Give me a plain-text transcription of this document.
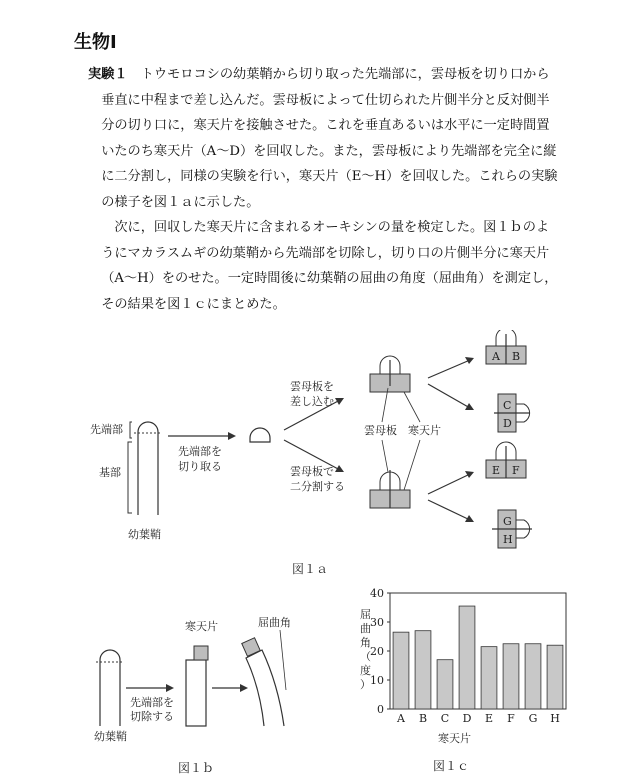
生物Ⅰ

実験１　トウモロコシの幼葉鞘から切り取った先端部に，雲母板を切り口から垂直に中程まで差し込んだ。雲母板によって仕切られた片側半分と反対側半分の切り口に，寒天片を接触させた。これを垂直あるいは水平に一定時間置いたのち寒天片（A〜D）を回収した。また，雲母板により先端部を完全に縦に二分割し，同様の実験を行い，寒天片（E〜H）を回収した。これらの実験の様子を図１ａに示した。

次に，回収した寒天片に含まれるオーキシンの量を検定した。図１ｂのようにマカラスムギの幼葉鞘から先端部を切除し，切り口の片側半分に寒天片（A〜H）をのせた。一定時間後に幼葉鞘の屈曲の角度（屈曲角）を測定し，その結果を図１ｃにまとめた。

先端部
基部
幼葉鞘
先端部を
切り取る
雲母板を
差し込む
雲母板で
二分割する
雲母板 寒天片
A B
C
D
E F
G
H
図１ａ
幼葉鞘
先端部を
切除する
寒天片	屈曲角
図１ｂ
0
10
20
30
40
A B C D E F G H
屈曲角（度）
寒天片
図１ｃ
